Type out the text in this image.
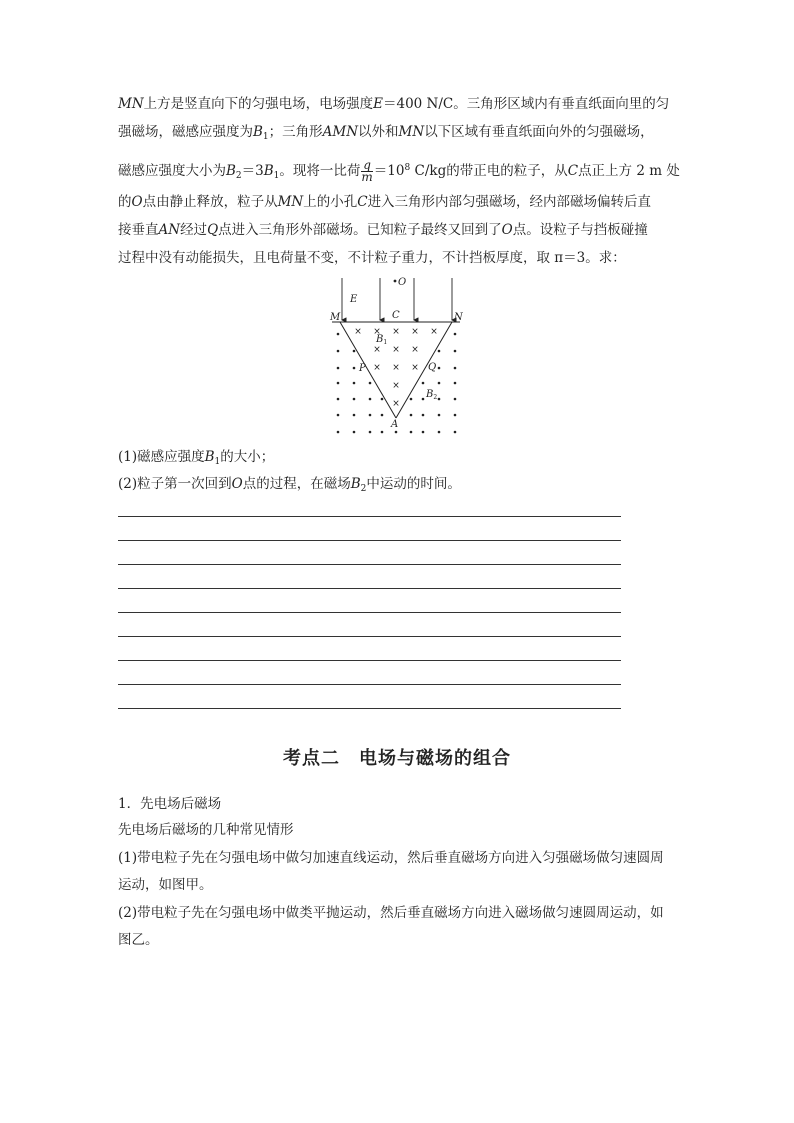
MN上方是竖直向下的匀强电场，电场强度E＝400 N/C。三角形区域内有垂直纸面向里的匀
强磁场，磁感应强度为$B_1$；三角形AMN以外和MN以下区域有垂直纸面向外的匀强磁场，
磁感应强度大小为$B_2=3B_1$。现将一比荷 $\frac{q}{m} =10^8$ C/kg的带正电的粒子，从C点正上方 2 m 处
的O点由静止释放，粒子从MN上的小孔C进入三角形内部匀强磁场，经内部磁场偏转后直
接垂直AN经过Q点进入三角形外部磁场。已知粒子最终又回到了O点。设粒子与挡板碰撞
过程中没有动能损失，且电荷量不变，不计粒子重力，不计挡板厚度，取 π＝3。求：
× × × × ×
× × ×
× × ×
×
×
O
E
C
M	N
$B_1$
P	Q
$B_2$
A
(1)磁感应强度$B_1$的大小；
(2)粒子第一次回到O点的过程，在磁场$B_2$中运动的时间。
考点二　电场与磁场的组合
1．先电场后磁场
先电场后磁场的几种常见情形
(1)带电粒子先在匀强电场中做匀加速直线运动，然后垂直磁场方向进入匀强磁场做匀速圆周
运动，如图甲。
(2)带电粒子先在匀强电场中做类平抛运动，然后垂直磁场方向进入磁场做匀速圆周运动，如
图乙。
